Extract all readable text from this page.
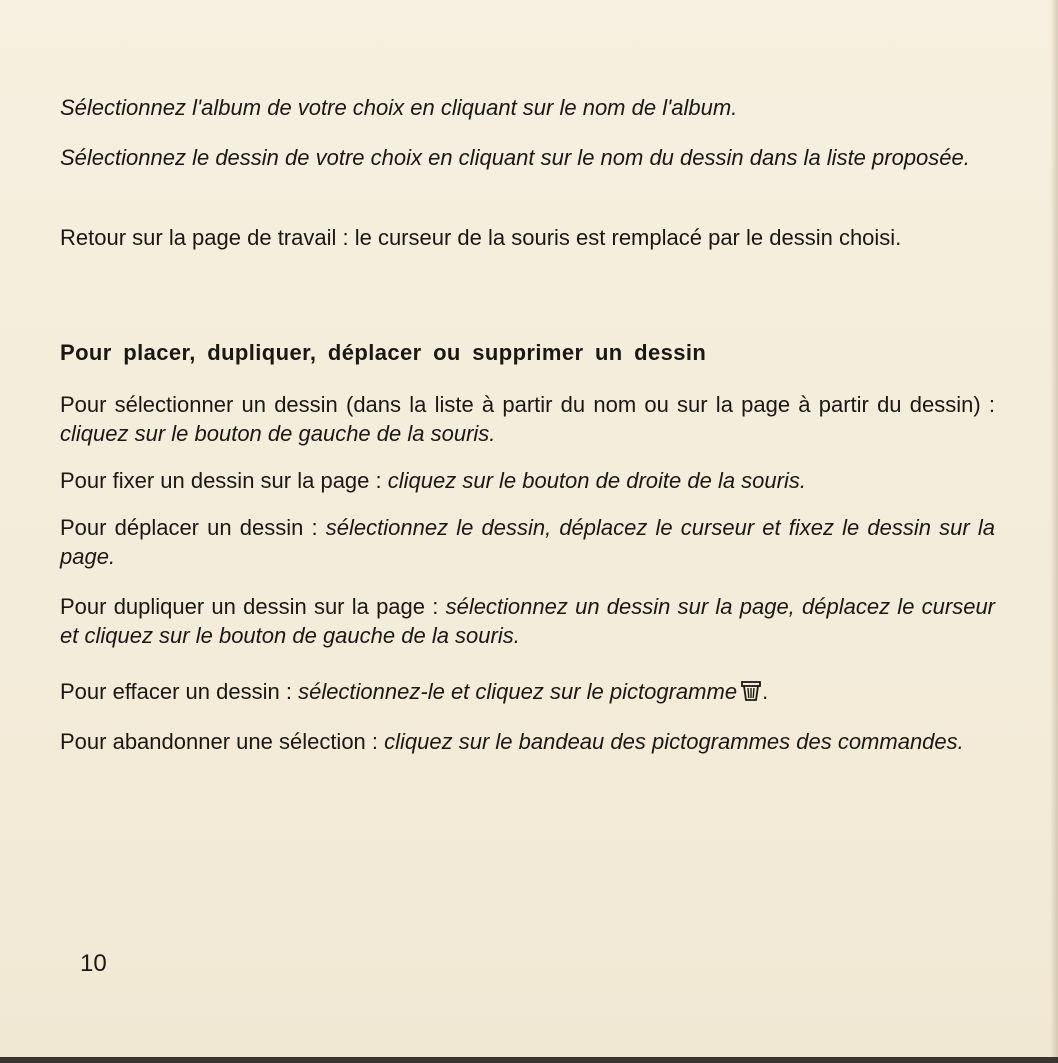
Sélectionnez l'album de votre choix en cliquant sur le nom de l'album.

Sélectionnez le dessin de votre choix en cliquant sur le nom du dessin dans la liste proposée.

Retour sur la page de travail : le curseur de la souris est remplacé par le dessin choisi.

Pour placer, dupliquer, déplacer ou supprimer un dessin

Pour sélectionner un dessin (dans la liste à partir du nom ou sur la page à partir du dessin) : cliquez sur le bouton de gauche de la souris.

Pour fixer un dessin sur la page : cliquez sur le bouton de droite de la souris.

Pour déplacer un dessin : sélectionnez le dessin, déplacez le curseur et fixez le dessin sur la page.

Pour dupliquer un dessin sur la page : sélectionnez un dessin sur la page, déplacez le curseur et cliquez sur le bouton de gauche de la souris.

Pour effacer un dessin : sélectionnez-le et cliquez sur le pictogramme .

Pour abandonner une sélection : cliquez sur le bandeau des pictogrammes des commandes.

10
